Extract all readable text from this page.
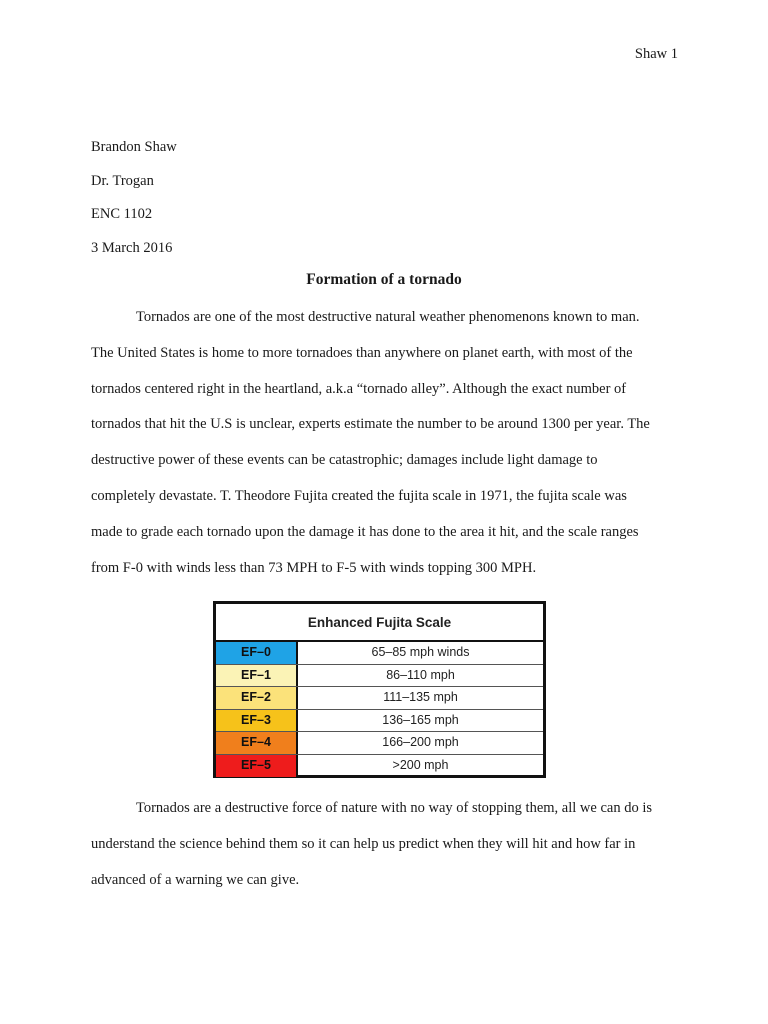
Shaw 1
Brandon Shaw
Dr. Trogan
ENC 1102
3 March 2016
Formation of a tornado
Tornados are one of the most destructive natural weather phenomenons known to man.
The United States is home to more tornadoes than anywhere on planet earth, with most of the
tornados centered right in the heartland, a.k.a “tornado alley”. Although the exact number of
tornados that hit the U.S is unclear, experts estimate the number to be around 1300 per year. The
destructive power of these events can be catastrophic; damages include light damage to
completely devastate. T. Theodore Fujita created the fujita scale in 1971, the fujita scale was
made to grade each tornado upon the damage it has done to the area it hit, and the scale ranges
from F-0 with winds less than 73 MPH to F-5 with winds topping 300 MPH.
Enhanced Fujita Scale
EF–0	65–85 mph winds
EF–1	86–110 mph
EF–2	111–135 mph
EF–3	136–165 mph
EF–4	166–200 mph
EF–5	>200 mph
Tornados are a destructive force of nature with no way of stopping them, all we can do is
understand the science behind them so it can help us predict when they will hit and how far in
advanced of a warning we can give.
